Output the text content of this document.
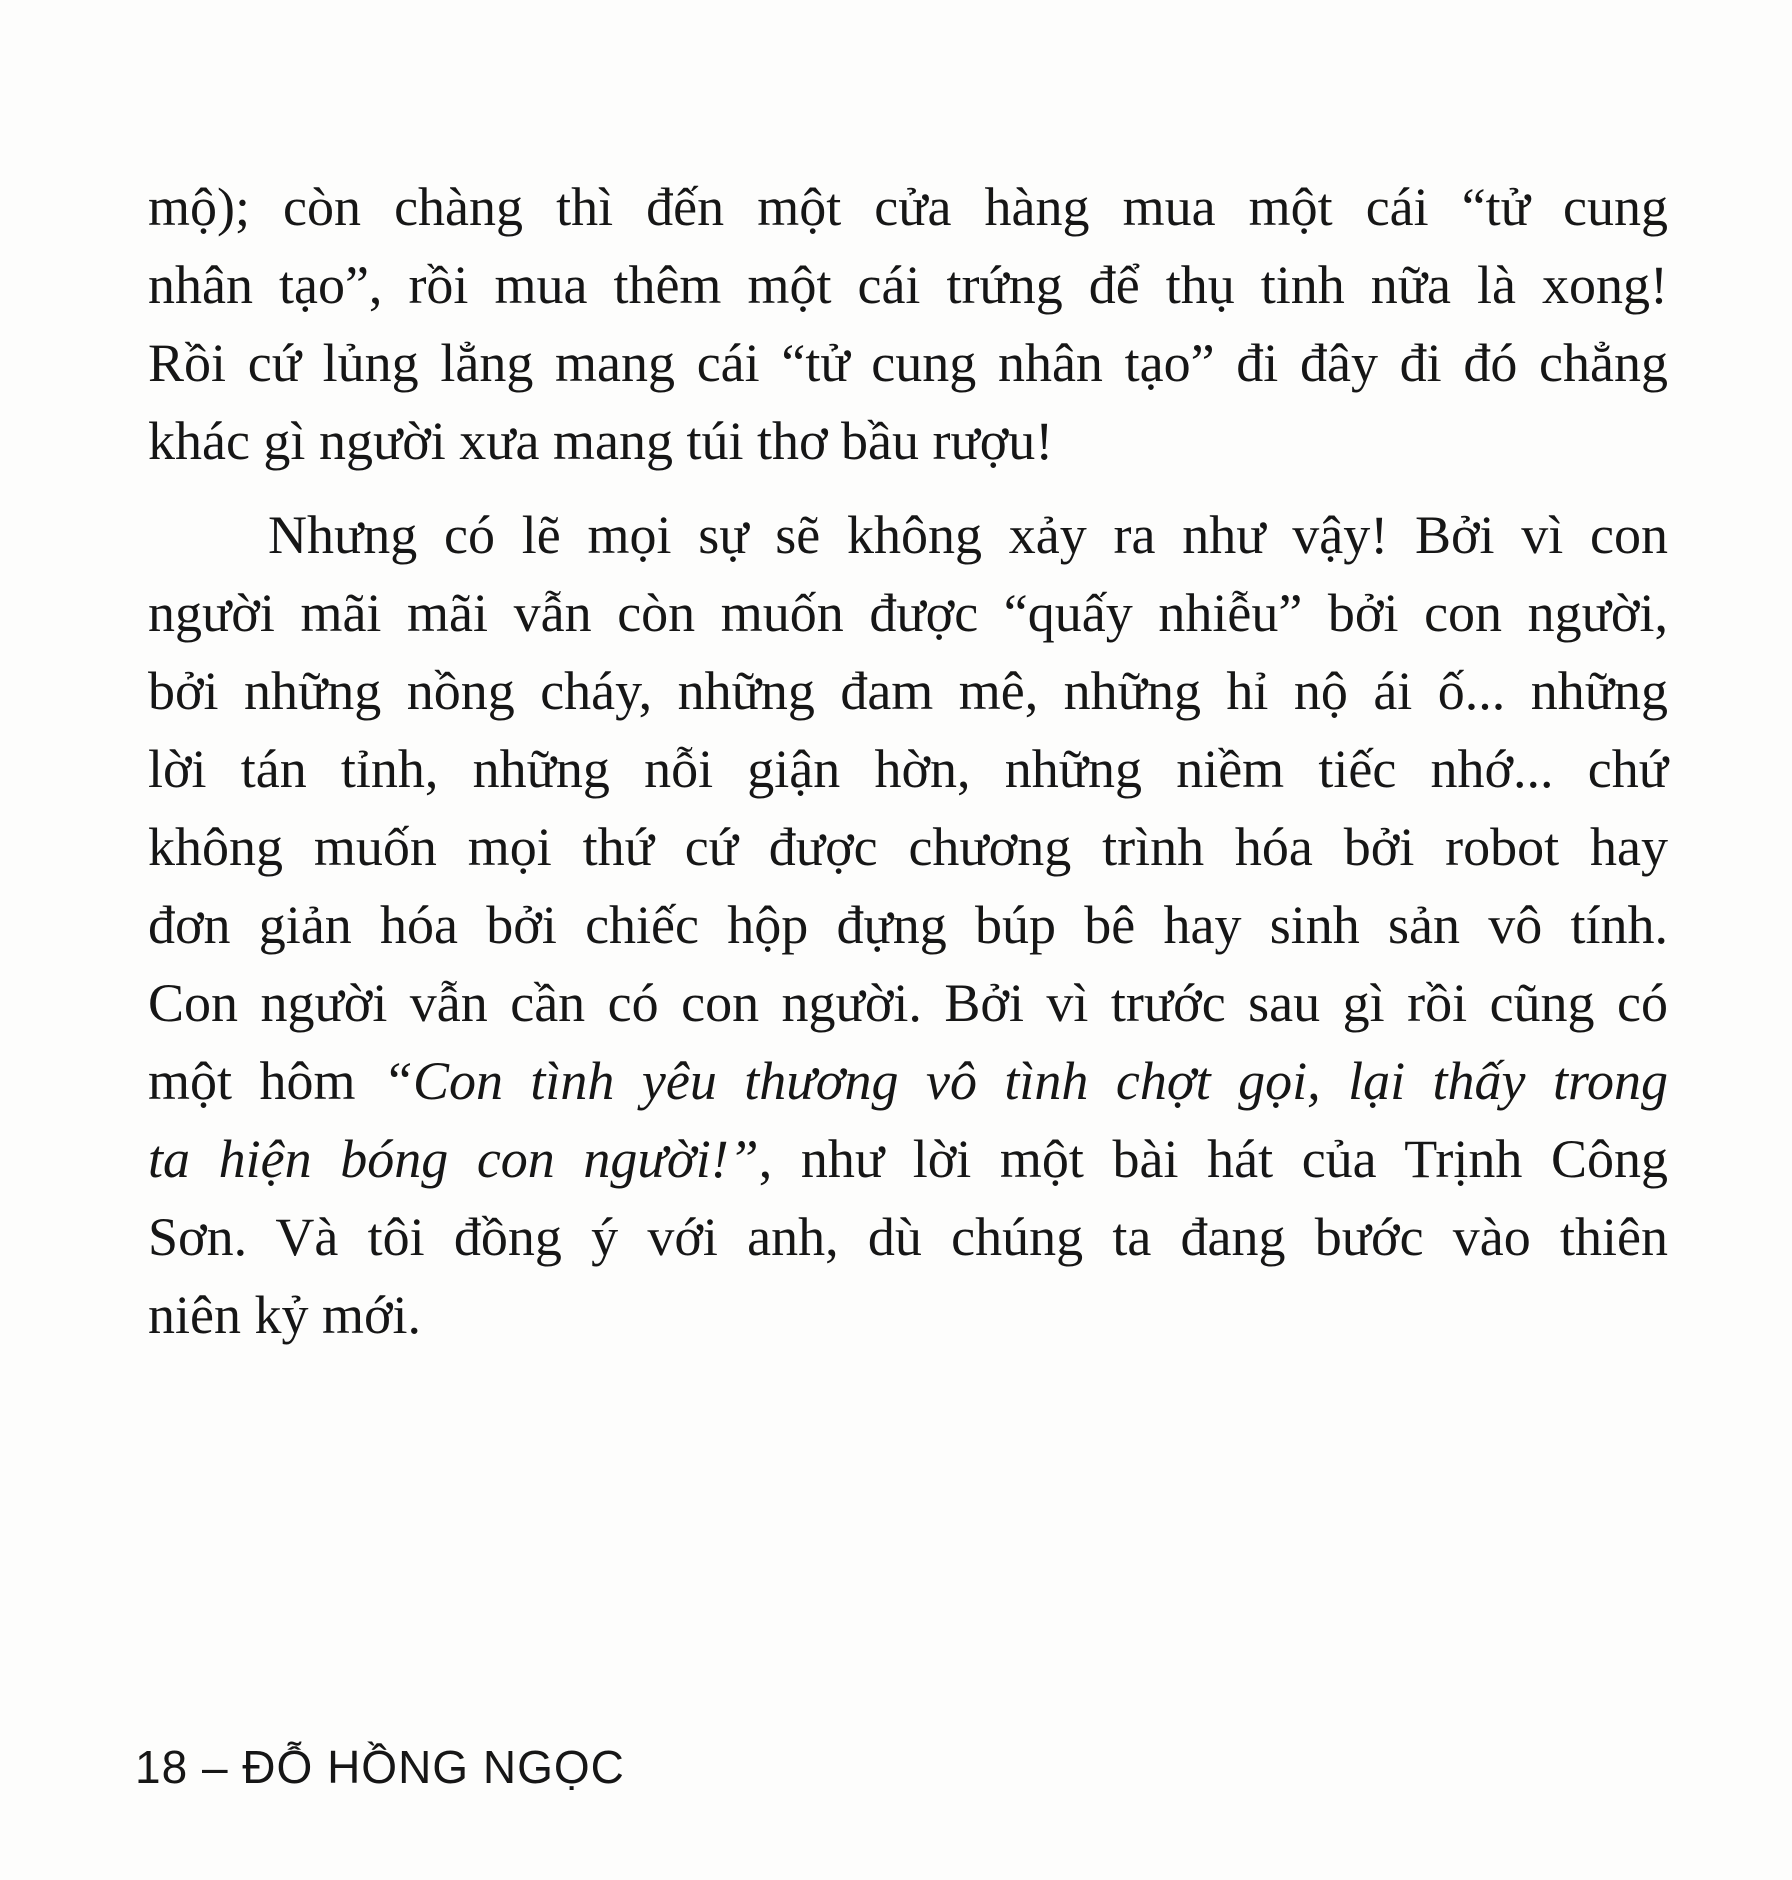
mộ); còn chàng thì đến một cửa hàng mua một cái “tử cung
nhân tạo”, rồi mua thêm một cái trứng để thụ tinh nữa là xong!
Rồi cứ lủng lẳng mang cái “tử cung nhân tạo” đi đây đi đó chẳng
khác gì người xưa mang túi thơ bầu rượu!
Nhưng có lẽ mọi sự sẽ không xảy ra như vậy! Bởi vì con
người mãi mãi vẫn còn muốn được “quấy nhiễu” bởi con người,
bởi những nồng cháy, những đam mê, những hỉ nộ ái ố... những
lời tán tỉnh, những nỗi giận hờn, những niềm tiếc nhớ... chứ
không muốn mọi thứ cứ được chương trình hóa bởi robot hay
đơn giản hóa bởi chiếc hộp đựng búp bê hay sinh sản vô tính.
Con người vẫn cần có con người. Bởi vì trước sau gì rồi cũng có
một hôm “Con tình yêu thương vô tình chợt gọi, lại thấy trong
ta hiện bóng con người!”, như lời một bài hát của Trịnh Công
Sơn. Và tôi đồng ý với anh, dù chúng ta đang bước vào thiên
niên kỷ mới.
18 – ĐỖ HỒNG NGỌC
